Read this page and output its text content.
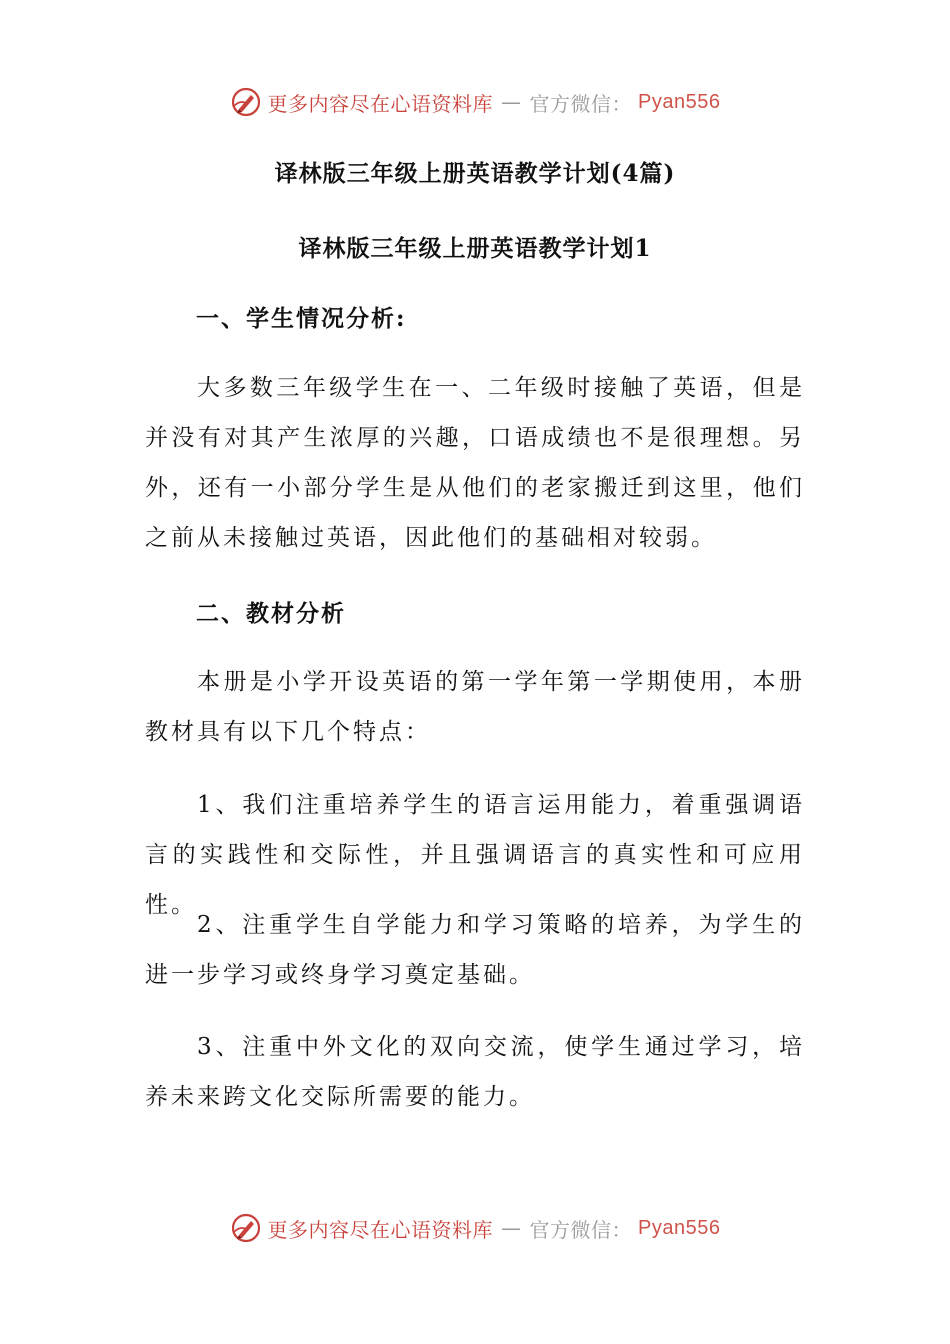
更多内容尽在心语资料库 — 官方微信： Pyan556
译林版三年级上册英语教学计划(4篇)
译林版三年级上册英语教学计划1
一、学生情况分析:

大多数三年级学生在一、二年级时接触了英语，但是并没有对其产生浓厚的兴趣，口语成绩也不是很理想。另外，还有一小部分学生是从他们的老家搬迁到这里，他们之前从未接触过英语，因此他们的基础相对较弱。

二、教材分析

本册是小学开设英语的第一学年第一学期使用，本册教材具有以下几个特点：

1、我们注重培养学生的语言运用能力，着重强调语言的实践性和交际性，并且强调语言的真实性和可应用性。

2、注重学生自学能力和学习策略的培养，为学生的进一步学习或终身学习奠定基础。

3、注重中外文化的双向交流，使学生通过学习，培养未来跨文化交际所需要的能力。

更多内容尽在心语资料库 — 官方微信： Pyan556
